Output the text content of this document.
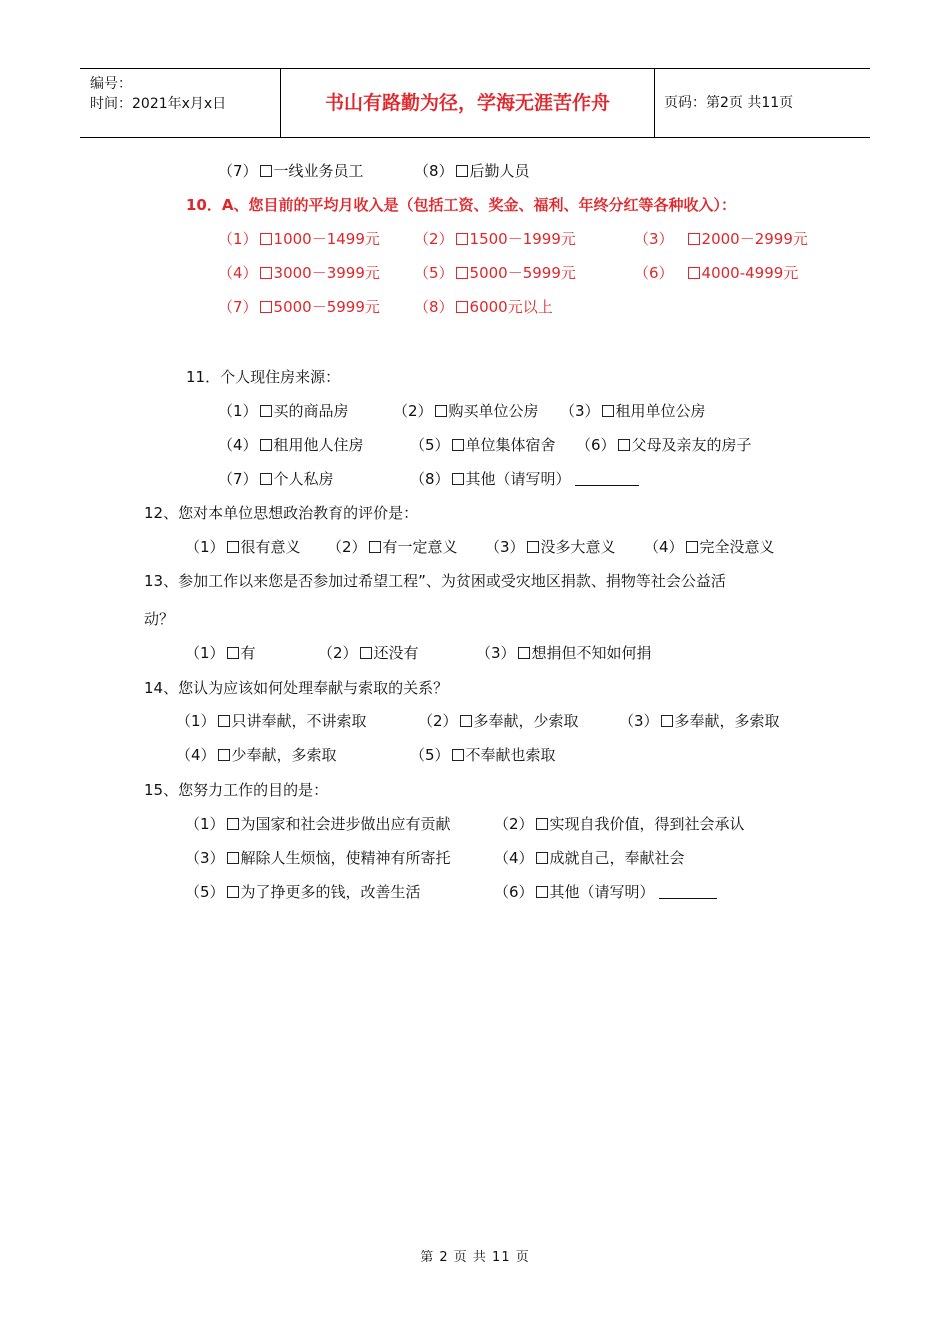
编号：
时间：2021年x月x日	书山有路勤为径，学海无涯苦作舟	页码：第2页 共11页
（7） 一线业务员工	（8） 后勤人员
10．A、您目前的平均月收入是（包括工资、奖金、福利、年终分红等各种收入）：
（1） 1000－1499元 （2） 1500－1999元	（3） 2000－2999元
（4） 3000－3999元 （5） 5000－5999元	（6） 4000-4999元
（7） 5000－5999元 （8） 6000元以上
11．个人现住房来源：
（1） 买的商品房	（2） 购买单位公房 （3） 租用单位公房
（4） 租用他人住房	（5） 单位集体宿舍 （6） 父母及亲友的房子
（7） 个人私房	（8） 其他（请写明）
12、您对本单位思想政治教育的评价是：
（1） 很有意义 （2） 有一定意义 （3） 没多大意义 （4） 完全没意义
13、参加工作以来您是否参加过希望工程”、为贫困或受灾地区捐款、捐物等社会公益活
动？
（1） 有	（2） 还没有	（3） 想捐但不知如何捐
14、您认为应该如何处理奉献与索取的关系？
（1） 只讲奉献，不讲索取	（2） 多奉献，少索取	（3） 多奉献，多索取
（4） 少奉献，多索取	（5） 不奉献也索取
15、您努力工作的目的是：
（1） 为国家和社会进步做出应有贡献	（2） 实现自我价值，得到社会承认
（3） 解除人生烦恼，使精神有所寄托	（4） 成就自己，奉献社会
（5） 为了挣更多的钱，改善生活	（6） 其他（请写明）
第 2 页 共 11 页
